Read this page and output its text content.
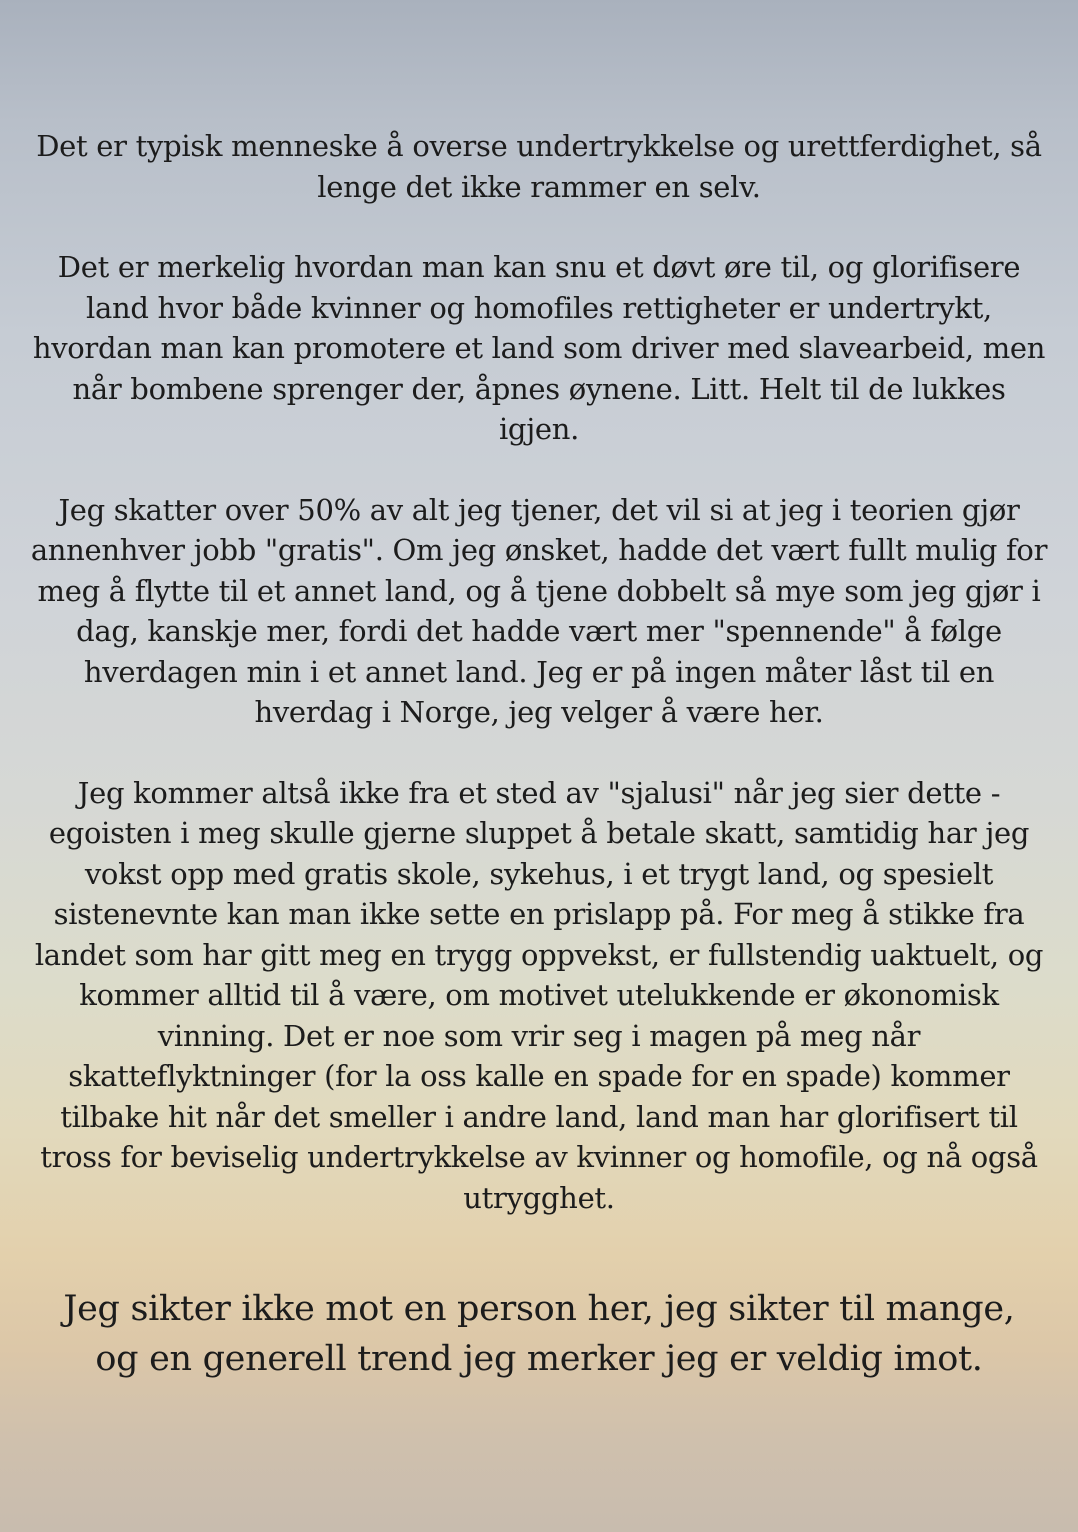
Det er typisk menneske å overse undertrykkelse og urettferdighet, så lenge det ikke rammer en selv.

Det er merkelig hvordan man kan snu et døvt øre til, og glorifisere land hvor både kvinner og homofiles rettigheter er undertrykt, hvordan man kan promotere et land som driver med slavearbeid, men når bombene sprenger der, åpnes øynene. Litt. Helt til de lukkes igjen.

Jeg skatter over 50% av alt jeg tjener, det vil si at jeg i teorien gjør annenhver jobb "gratis". Om jeg ønsket, hadde det vært fullt mulig for meg å flytte til et annet land, og å tjene dobbelt så mye som jeg gjør i dag, kanskje mer, fordi det hadde vært mer "spennende" å følge hverdagen min i et annet land. Jeg er på ingen måter låst til en hverdag i Norge, jeg velger å være her.

Jeg kommer altså ikke fra et sted av "sjalusi" når jeg sier dette - egoisten i meg skulle gjerne sluppet å betale skatt, samtidig har jeg vokst opp med gratis skole, sykehus, i et trygt land, og spesielt sistenevnte kan man ikke sette en prislapp på. For meg å stikke fra landet som har gitt meg en trygg oppvekst, er fullstendig uaktuelt, og kommer alltid til å være, om motivet utelukkende er økonomisk vinning. Det er noe som vrir seg i magen på meg når skatteflyktninger (for la oss kalle en spade for en spade) kommer tilbake hit når det smeller i andre land, land man har glorifisert til tross for beviselig undertrykkelse av kvinner og homofile, og nå også utrygghet.

Jeg sikter ikke mot en person her, jeg sikter til mange, og en generell trend jeg merker jeg er veldig imot.
